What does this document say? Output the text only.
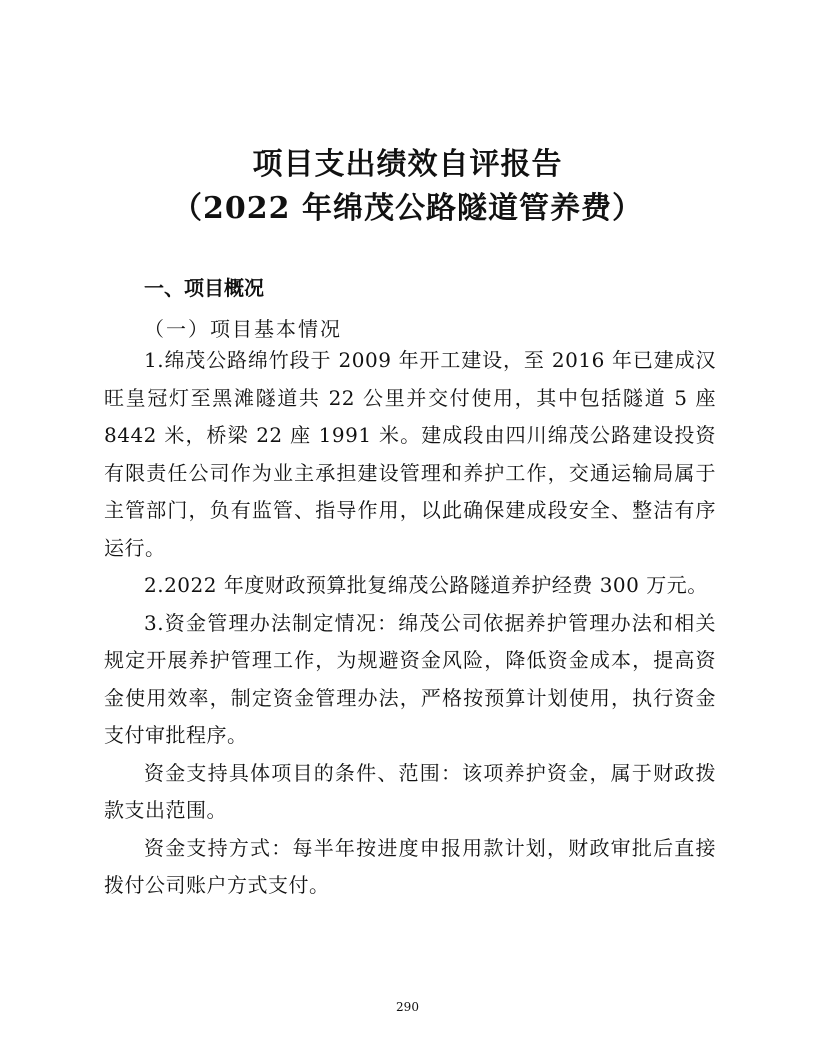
项目支出绩效自评报告
（2022 年绵茂公路隧道管养费）
一、项目概况
（一）项目基本情况

1.绵茂公路绵竹段于 2009 年开工建设，至 2016 年已建成汉旺皇冠灯至黑滩隧道共 22 公里并交付使用，其中包括隧道 5 座 8442 米，桥梁 22 座 1991 米。建成段由四川绵茂公路建设投资有限责任公司作为业主承担建设管理和养护工作，交通运输局属于主管部门，负有监管、指导作用，以此确保建成段安全、整洁有序运行。

2.2022 年度财政预算批复绵茂公路隧道养护经费 300 万元。

3.资金管理办法制定情况：绵茂公司依据养护管理办法和相关规定开展养护管理工作，为规避资金风险，降低资金成本，提高资金使用效率，制定资金管理办法，严格按预算计划使用，执行资金支付审批程序。

资金支持具体项目的条件、范围：该项养护资金，属于财政拨款支出范围。

资金支持方式：每半年按进度申报用款计划，财政审批后直接拨付公司账户方式支付。

290
